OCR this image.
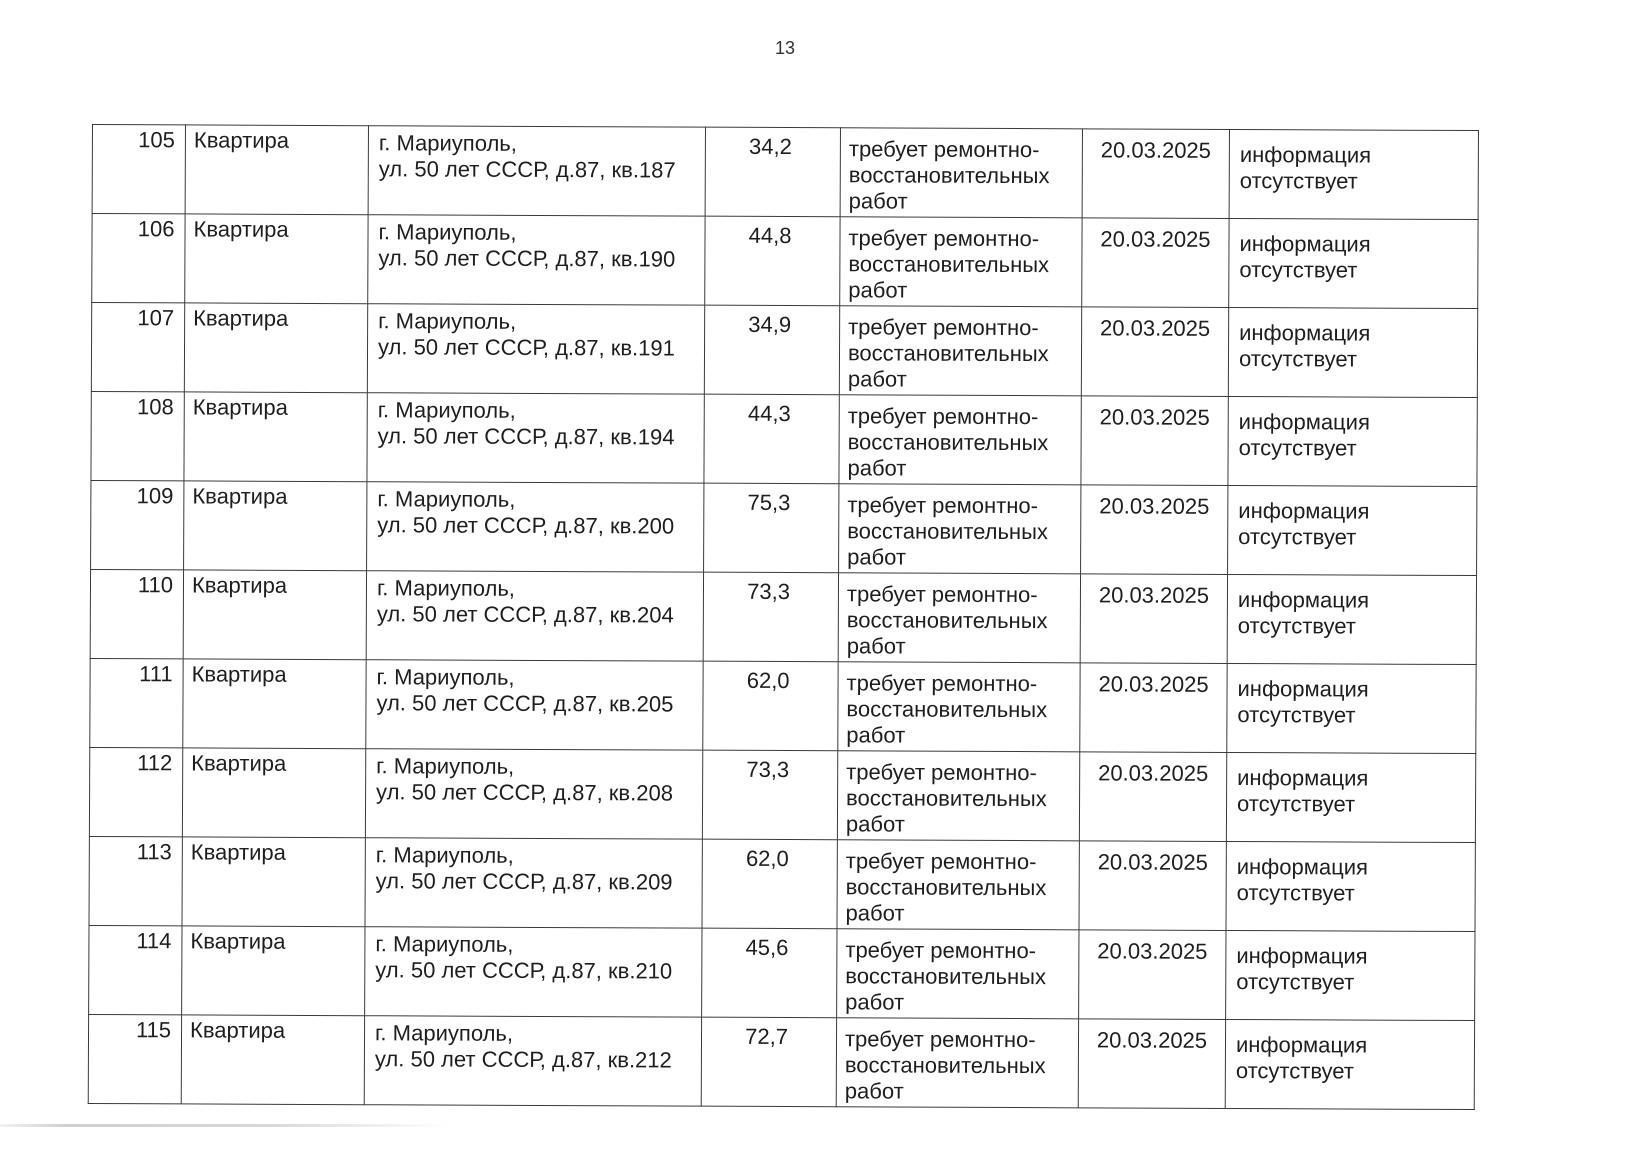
13
105	Квартира	г. Мариуполь,
ул. 50 лет СССР, д.87, кв.187	34,2	требует ремонтно-
восстановительных
работ	20.03.2025	информация
отсутствует

106	Квартира	г. Мариуполь,
ул. 50 лет СССР, д.87, кв.190	44,8	требует ремонтно-
восстановительных
работ	20.03.2025	информация
отсутствует

107	Квартира	г. Мариуполь,
ул. 50 лет СССР, д.87, кв.191	34,9	требует ремонтно-
восстановительных
работ	20.03.2025	информация
отсутствует

108	Квартира	г. Мариуполь,
ул. 50 лет СССР, д.87, кв.194	44,3	требует ремонтно-
восстановительных
работ	20.03.2025	информация
отсутствует

109	Квартира	г. Мариуполь,
ул. 50 лет СССР, д.87, кв.200	75,3	требует ремонтно-
восстановительных
работ	20.03.2025	информация
отсутствует

110	Квартира	г. Мариуполь,
ул. 50 лет СССР, д.87, кв.204	73,3	требует ремонтно-
восстановительных
работ	20.03.2025	информация
отсутствует

111	Квартира	г. Мариуполь,
ул. 50 лет СССР, д.87, кв.205	62,0	требует ремонтно-
восстановительных
работ	20.03.2025	информация
отсутствует

112	Квартира	г. Мариуполь,
ул. 50 лет СССР, д.87, кв.208	73,3	требует ремонтно-
восстановительных
работ	20.03.2025	информация
отсутствует

113	Квартира	г. Мариуполь,
ул. 50 лет СССР, д.87, кв.209	62,0	требует ремонтно-
восстановительных
работ	20.03.2025	информация
отсутствует

114	Квартира	г. Мариуполь,
ул. 50 лет СССР, д.87, кв.210	45,6	требует ремонтно-
восстановительных
работ	20.03.2025	информация
отсутствует

115	Квартира	г. Мариуполь,
ул. 50 лет СССР, д.87, кв.212	72,7	требует ремонтно-
восстановительных
работ	20.03.2025	информация
отсутствует
